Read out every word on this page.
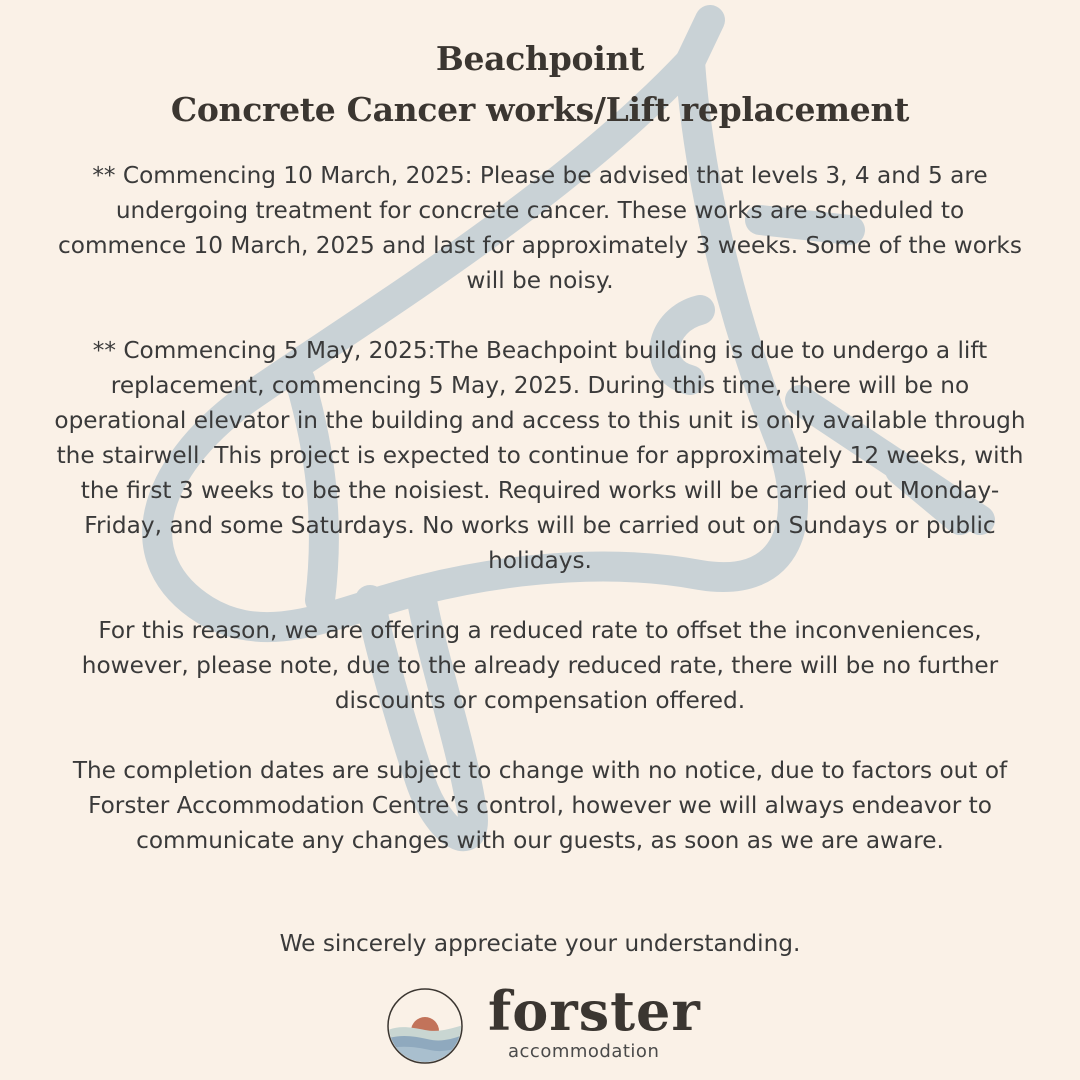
Beachpoint
Concrete Cancer works/Lift replacement

** Commencing 10 March, 2025: Please be advised that levels 3, 4 and 5 are undergoing treatment for concrete cancer. These works are scheduled to commence 10 March, 2025 and last for approximately 3 weeks. Some of the works will be noisy.

** Commencing 5 May, 2025:The Beachpoint building is due to undergo a lift replacement, commencing 5 May, 2025. During this time, there will be no operational elevator in the building and access to this unit is only available through the stairwell. This project is expected to continue for approximately 12 weeks, with the first 3 weeks to be the noisiest. Required works will be carried out Monday-Friday, and some Saturdays. No works will be carried out on Sundays or public holidays.

For this reason, we are offering a reduced rate to offset the inconveniences, however, please note, due to the already reduced rate, there will be no further discounts or compensation offered.

The completion dates are subject to change with no notice, due to factors out of Forster Accommodation Centre’s control, however we will always endeavor to communicate any changes with our guests, as soon as we are aware.

We sincerely appreciate your understanding.

forster
accommodation
